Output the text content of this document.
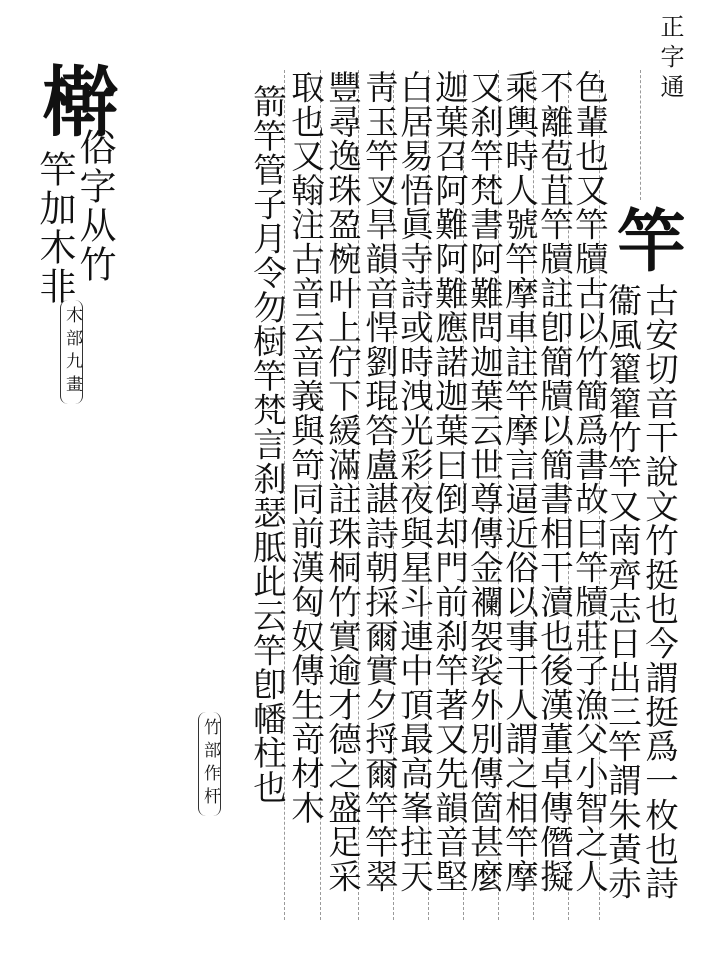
正字通
竿
古安切音干說文竹挺也今謂挺爲一枚也詩
衞風籊籊竹竿又南齊志日出三竿謂朱黃赤
色輩也又竿牘古以竹簡爲書故曰竿牘莊子漁父小智之人
不離苞苴竿牘註卽簡牘以簡書相干瀆也後漢董卓傳僭擬
乘輿時人號竿摩車註竿摩言逼近俗以事干人謂之相竿摩
又刹竿梵書阿難問迦葉云世尊傳金襴袈裟外別傳箇甚麼
迦葉召阿難阿難應諾迦葉曰倒却門前刹竿著又先韻音堅
白居易悟眞寺詩或時洩光彩夜與星斗連中頂最高峯拄天
靑玉竿叉旱韻音悍劉琨答盧諶詩朝採爾實夕捋爾竿竿翠
豐尋逸珠盈椀叶上佇下緩滿註珠桐竹實逾才德之盛足采
取也又翰注古音云音義與笴同前漢匈奴傳生竒材木
箭竿管子月令勿𣗳竿梵言刹瑟胝此云竿卽幡柱也
竹部作杆
檊
俗字从竹
竿加木非
木部九畫
